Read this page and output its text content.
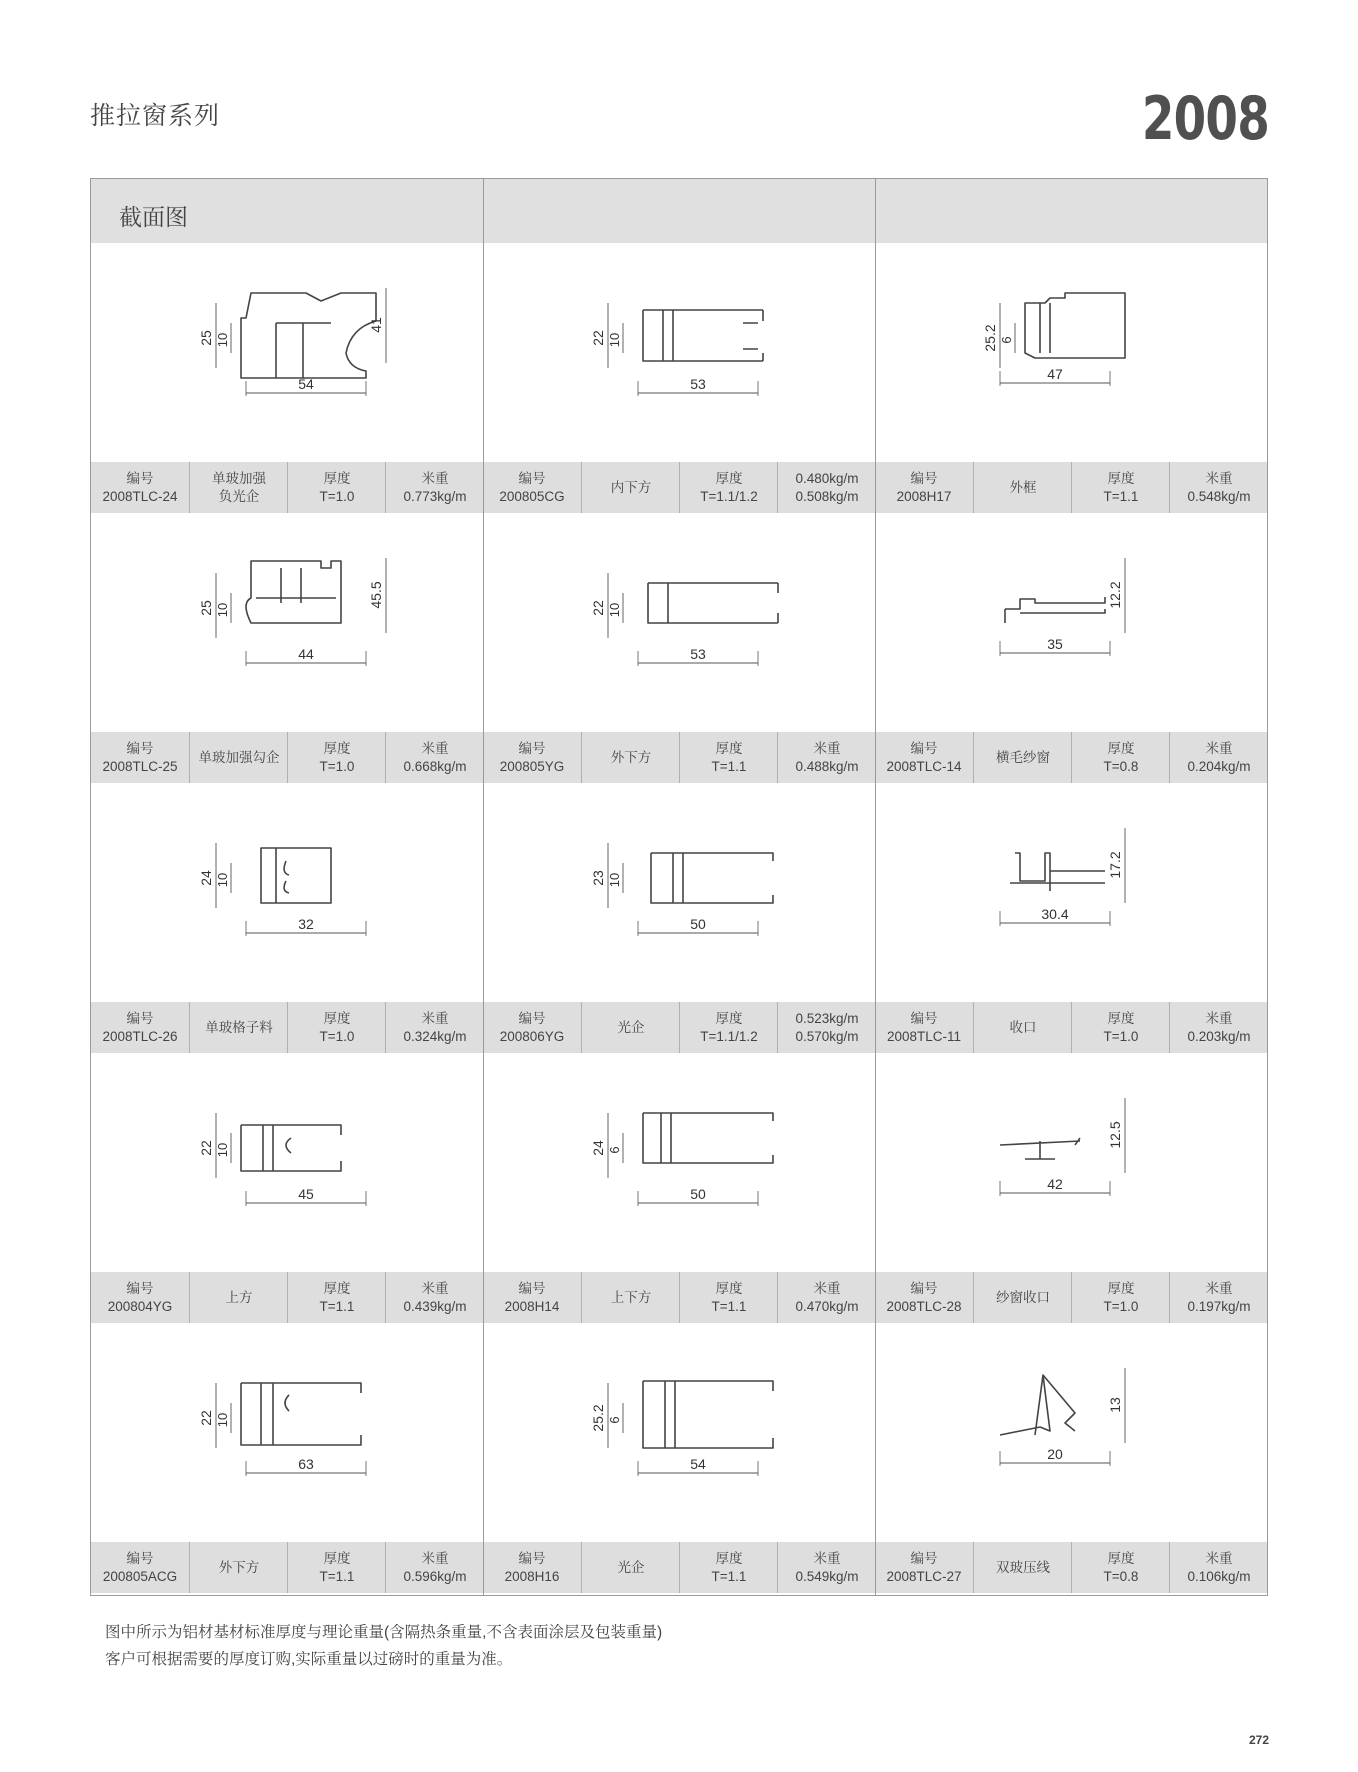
推拉窗系列	2008
截面图
编号
2008TLC-24
单玻加强
负光企
厚度
T=1.0
米重
0.773kg/m
编号
200805CG
内下方
厚度
T=1.1/1.2
0.480kg/m
0.508kg/m
编号
2008H17
外框
厚度
T=1.1
米重
0.548kg/m
54
25 10
41
53
22 10
47
25.2 6
编号
2008TLC-25
单玻加强勾企
厚度
T=1.0
米重
0.668kg/m
编号
200805YG
外下方
厚度
T=1.1
米重
0.488kg/m
编号
2008TLC-14
横毛纱窗
厚度
T=0.8
米重
0.204kg/m
44
25 10
45.5
53
22 10
35
12.2
编号
2008TLC-26
单玻格子料
厚度
T=1.0
米重
0.324kg/m
编号
200806YG
光企
厚度
T=1.1/1.2
0.523kg/m
0.570kg/m
编号
2008TLC-11
收口
厚度
T=1.0
米重
0.203kg/m
32
24 10
50
23 10
30.4
17.2
编号
200804YG
上方
厚度
T=1.1
米重
0.439kg/m
编号
2008H14
上下方
厚度
T=1.1
米重
0.470kg/m
编号
2008TLC-28
纱窗收口
厚度
T=1.0
米重
0.197kg/m
45
22 10
50
24 6
42
12.5
编号
200805ACG
外下方
厚度
T=1.1
米重
0.596kg/m
编号
2008H16
光企
厚度
T=1.1
米重
0.549kg/m
编号
2008TLC-27
双玻压线
厚度
T=0.8
米重
0.106kg/m
63
22 10
54
25.2 6
20
13
图中所示为铝材基材标准厚度与理论重量(含隔热条重量,不含表面涂层及包装重量)
客户可根据需要的厚度订购,实际重量以过磅时的重量为准。
272
